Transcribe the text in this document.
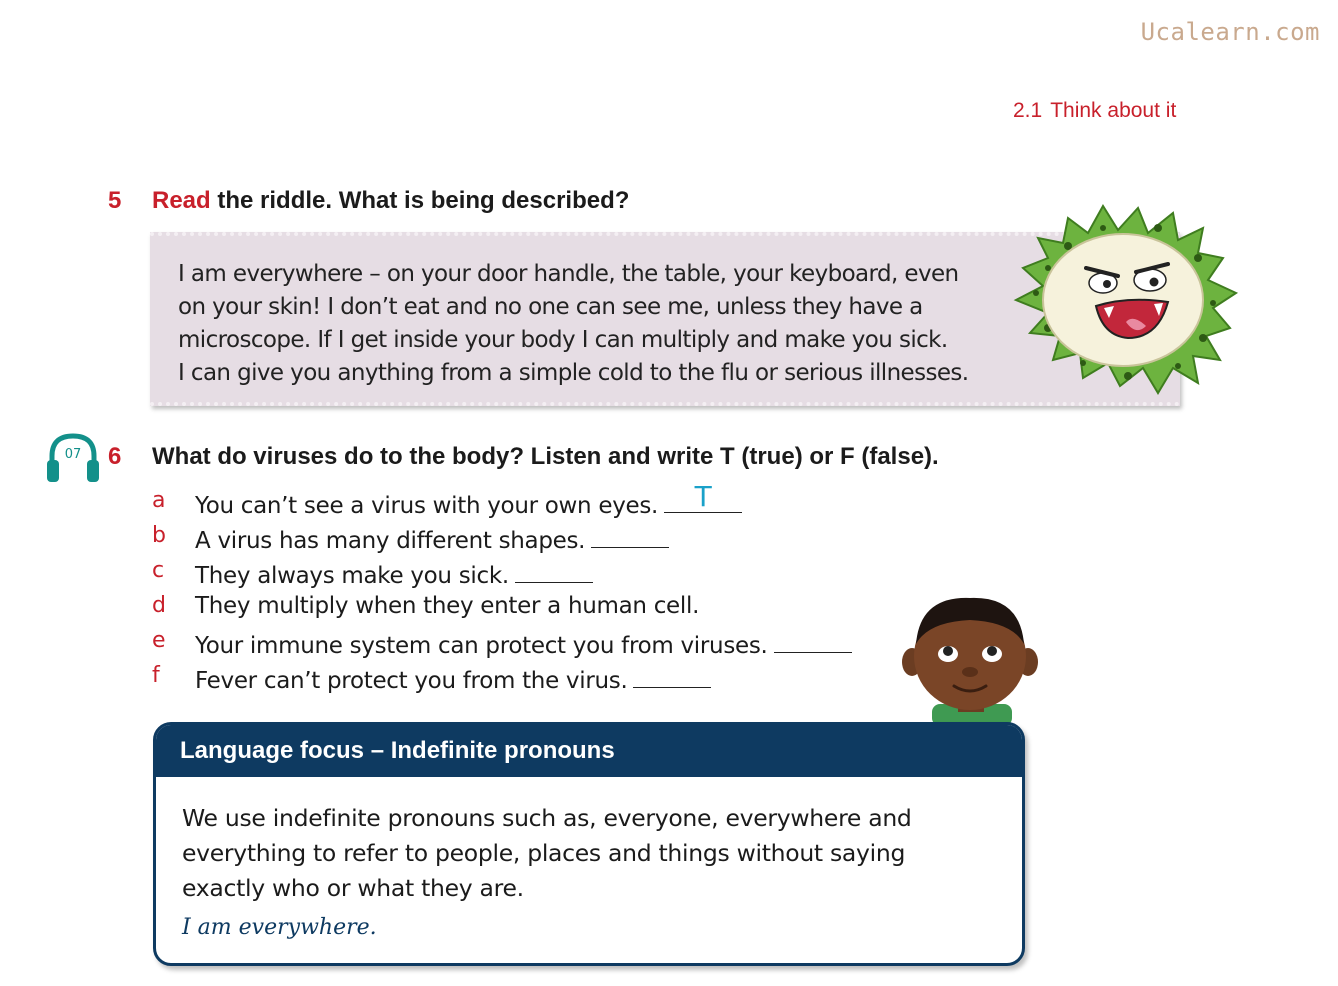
Ucalearn.com
2.1 Think about it
5 Read the riddle. What is being described?
I am everywhere – on your door handle, the table, your keyboard, even
on your skin! I don’t eat and no one can see me, unless they have a
microscope. If I get inside your body I can multiply and make you sick.
I can give you anything from a simple cold to the flu or serious illnesses.
07 6 What do viruses do to the body? Listen and write T (true) or F (false).
a You can’t see a virus with your own eyes.	T
b A virus has many different shapes.
c They always make you sick.
d They multiply when they enter a human cell.
e Your immune system can protect you from viruses.
f Fever can’t protect you from the virus.
Language focus – Indefinite pronouns
We use indefinite pronouns such as, everyone, everywhere and
everything to refer to people, places and things without saying
exactly who or what they are.
I am everywhere.
